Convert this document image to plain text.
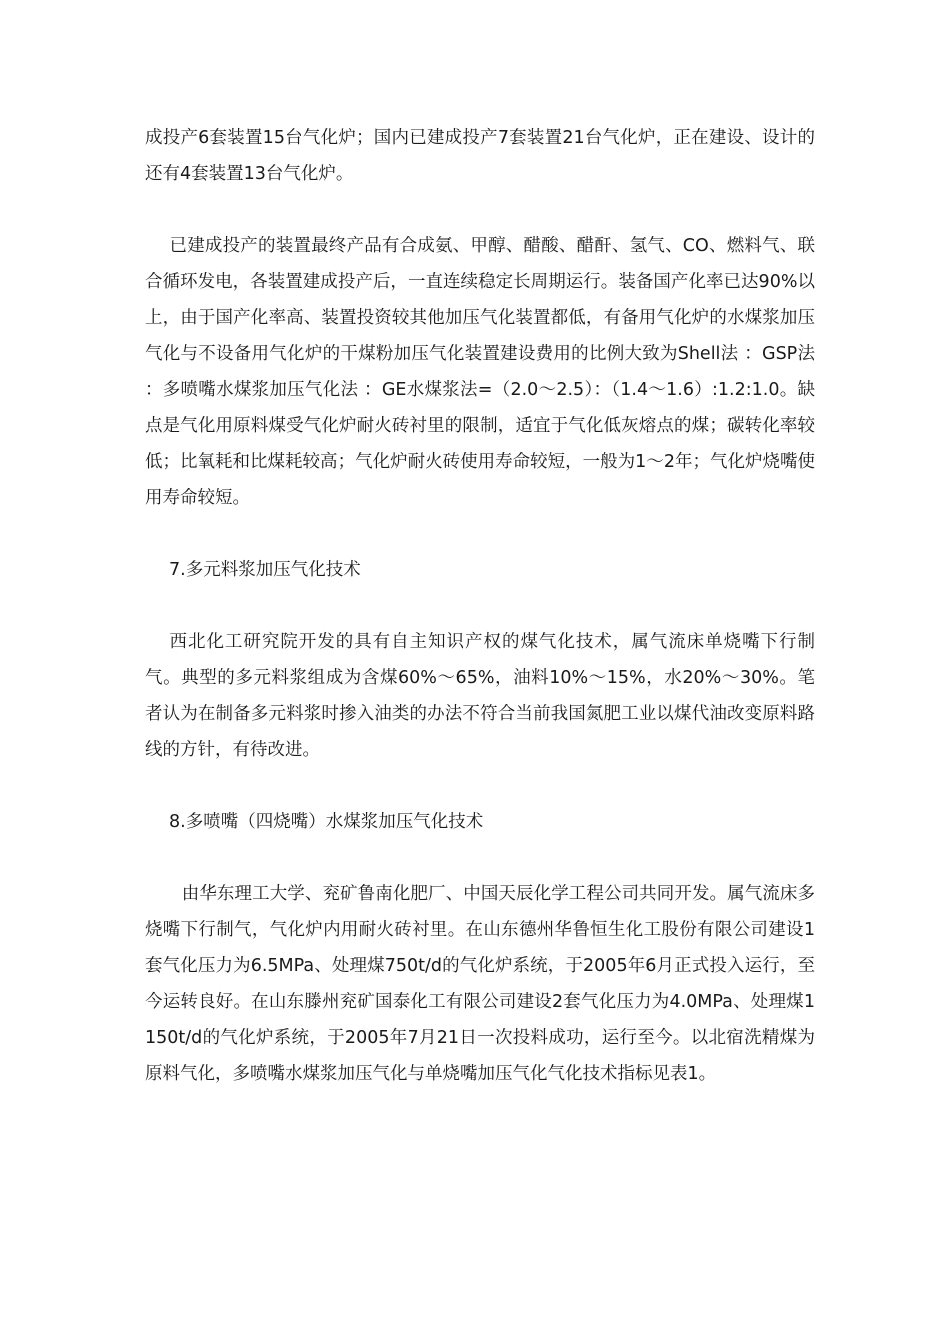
成投产6套装置15台气化炉；国内已建成投产7套装置21台气化炉，正在建设、设计的还有4套装置13台气化炉。

已建成投产的装置最终产品有合成氨、甲醇、醋酸、醋酐、氢气、CO、燃料气、联合循环发电，各装置建成投产后，一直连续稳定长周期运行。装备国产化率已达90%以上，由于国产化率高、装置投资较其他加压气化装置都低，有备用气化炉的水煤浆加压气化与不设备用气化炉的干煤粉加压气化装置建设费用的比例大致为Shell法 ：GSP法 ：多喷嘴水煤浆加压气化法 ：GE水煤浆法=（2.0～2.5）：（1.4～1.6）:1.2:1.0。缺点是气化用原料煤受气化炉耐火砖衬里的限制，适宜于气化低灰熔点的煤；碳转化率较低；比氧耗和比煤耗较高；气化炉耐火砖使用寿命较短，一般为1～2年；气化炉烧嘴使用寿命较短。

7.多元料浆加压气化技术

西北化工研究院开发的具有自主知识产权的煤气化技术，属气流床单烧嘴下行制气。典型的多元料浆组成为含煤60%～65%，油料10%～15%，水20%～30%。笔者认为在制备多元料浆时掺入油类的办法不符合当前我国氮肥工业以煤代油改变原料路线的方针，有待改进。

8.多喷嘴（四烧嘴）水煤浆加压气化技术

由华东理工大学、兖矿鲁南化肥厂、中国天辰化学工程公司共同开发。属气流床多烧嘴下行制气，气化炉内用耐火砖衬里。在山东德州华鲁恒生化工股份有限公司建设1套气化压力为6.5MPa、处理煤750t/d的气化炉系统，于2005年6月正式投入运行，至今运转良好。在山东滕州兖矿国泰化工有限公司建设2套气化压力为4.0MPa、处理煤1150t/d的气化炉系统，于2005年7月21日一次投料成功，运行至今。以北宿洗精煤为原料气化，多喷嘴水煤浆加压气化与单烧嘴加压气化气化技术指标见表1。
